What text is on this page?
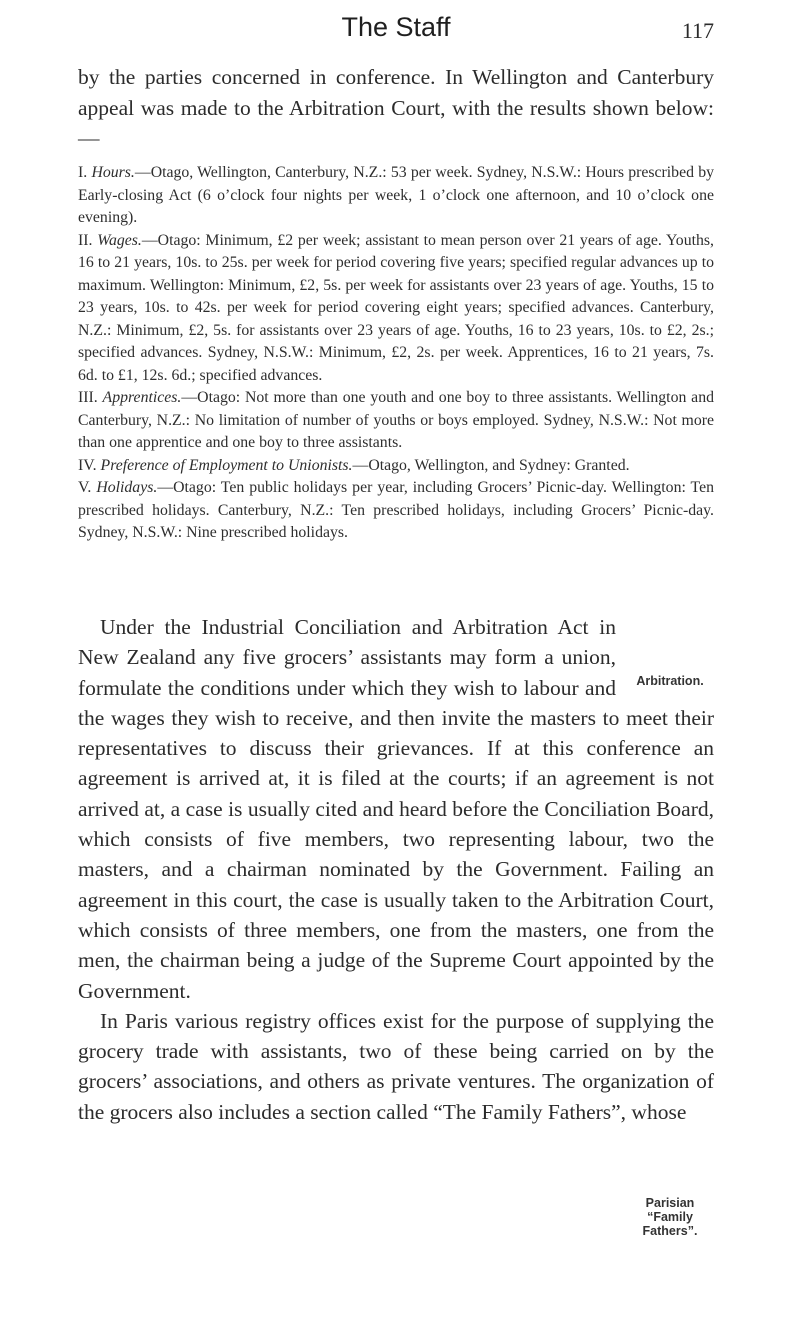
The Staff	117

by the parties concerned in conference. In Wellington and Canterbury appeal was made to the Arbitration Court, with the results shown below:—

I. Hours.—Otago, Wellington, Canterbury, N.Z.: 53 per week. Sydney, N.S.W.: Hours prescribed by Early-closing Act (6 o’clock four nights per week, 1 o’clock one afternoon, and 10 o’clock one evening).

II. Wages.—Otago: Minimum, £2 per week; assistant to mean person over 21 years of age. Youths, 16 to 21 years, 10s. to 25s. per week for period covering five years; specified regular advances up to maximum. Wellington: Minimum, £2, 5s. per week for assistants over 23 years of age. Youths, 15 to 23 years, 10s. to 42s. per week for period covering eight years; specified advances. Canterbury, N.Z.: Minimum, £2, 5s. for assistants over 23 years of age. Youths, 16 to 23 years, 10s. to £2, 2s.; specified advances. Sydney, N.S.W.: Minimum, £2, 2s. per week. Apprentices, 16 to 21 years, 7s. 6d. to £1, 12s. 6d.; specified advances.

III. Apprentices.—Otago: Not more than one youth and one boy to three assistants. Wellington and Canterbury, N.Z.: No limitation of number of youths or boys employed. Sydney, N.S.W.: Not more than one apprentice and one boy to three assistants.

IV. Preference of Employment to Unionists.—Otago, Wellington, and Sydney: Granted.

V. Holidays.—Otago: Ten public holidays per year, including Grocers’ Picnic-day. Wellington: Ten prescribed holidays. Canterbury, N.Z.: Ten prescribed holidays, including Grocers’ Picnic-day. Sydney, N.S.W.: Nine prescribed holidays.

Arbitration.
Parisian
“Family
Fathers”.

Under the Industrial Conciliation and Arbitration Act in New Zealand any five grocers’ assistants may form a union, formulate the conditions under which they wish to labour and the wages they wish to receive, and then invite the masters to meet their representatives to discuss their grievances. If at this conference an agreement is arrived at, it is filed at the courts; if an agreement is not arrived at, a case is usually cited and heard before the Conciliation Board, which consists of five members, two representing labour, two the masters, and a chairman nominated by the Government. Failing an agreement in this court, the case is usually taken to the Arbitration Court, which consists of three members, one from the masters, one from the men, the chairman being a judge of the Supreme Court appointed by the Government.

In Paris various registry offices exist for the purpose of supplying the grocery trade with assistants, two of these being carried on by the grocers’ associations, and others as private ventures. The organization of the grocers also includes a section called “The Family Fathers”, whose
